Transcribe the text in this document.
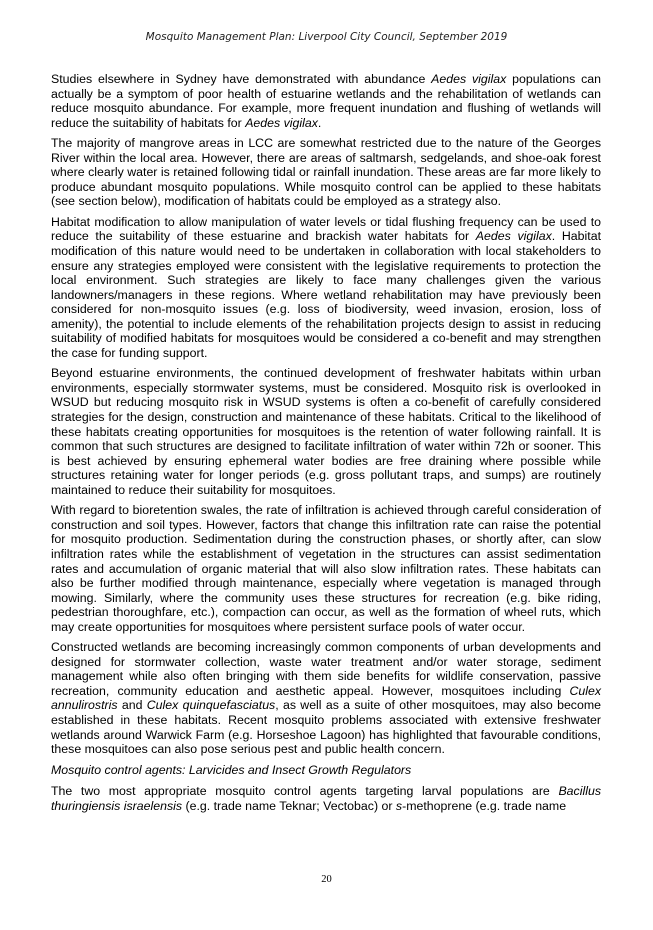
Mosquito Management Plan: Liverpool City Council, September 2019

Studies elsewhere in Sydney have demonstrated with abundance Aedes vigilax populations can actually be a symptom of poor health of estuarine wetlands and the rehabilitation of wetlands can reduce mosquito abundance. For example, more frequent inundation and flushing of wetlands will reduce the suitability of habitats for Aedes vigilax.

The majority of mangrove areas in LCC are somewhat restricted due to the nature of the Georges River within the local area. However, there are areas of saltmarsh, sedgelands, and shoe-oak forest where clearly water is retained following tidal or rainfall inundation. These areas are far more likely to produce abundant mosquito populations. While mosquito control can be applied to these habitats (see section below), modification of habitats could be employed as a strategy also.

Habitat modification to allow manipulation of water levels or tidal flushing frequency can be used to reduce the suitability of these estuarine and brackish water habitats for Aedes vigilax. Habitat modification of this nature would need to be undertaken in collaboration with local stakeholders to ensure any strategies employed were consistent with the legislative requirements to protection the local environment. Such strategies are likely to face many challenges given the various landowners/managers in these regions. Where wetland rehabilitation may have previously been considered for non-mosquito issues (e.g. loss of biodiversity, weed invasion, erosion, loss of amenity), the potential to include elements of the rehabilitation projects design to assist in reducing suitability of modified habitats for mosquitoes would be considered a co-benefit and may strengthen the case for funding support.

Beyond estuarine environments, the continued development of freshwater habitats within urban environments, especially stormwater systems, must be considered. Mosquito risk is overlooked in WSUD but reducing mosquito risk in WSUD systems is often a co-benefit of carefully considered strategies for the design, construction and maintenance of these habitats. Critical to the likelihood of these habitats creating opportunities for mosquitoes is the retention of water following rainfall. It is common that such structures are designed to facilitate infiltration of water within 72h or sooner. This is best achieved by ensuring ephemeral water bodies are free draining where possible while structures retaining water for longer periods (e.g. gross pollutant traps, and sumps) are routinely maintained to reduce their suitability for mosquitoes.

With regard to bioretention swales, the rate of infiltration is achieved through careful consideration of construction and soil types. However, factors that change this infiltration rate can raise the potential for mosquito production. Sedimentation during the construction phases, or shortly after, can slow infiltration rates while the establishment of vegetation in the structures can assist sedimentation rates and accumulation of organic material that will also slow infiltration rates. These habitats can also be further modified through maintenance, especially where vegetation is managed through mowing. Similarly, where the community uses these structures for recreation (e.g. bike riding, pedestrian thoroughfare, etc.), compaction can occur, as well as the formation of wheel ruts, which may create opportunities for mosquitoes where persistent surface pools of water occur.

Constructed wetlands are becoming increasingly common components of urban developments and designed for stormwater collection, waste water treatment and/or water storage, sediment management while also often bringing with them side benefits for wildlife conservation, passive recreation, community education and aesthetic appeal. However, mosquitoes including Culex annulirostris and Culex quinquefasciatus, as well as a suite of other mosquitoes, may also become established in these habitats. Recent mosquito problems associated with extensive freshwater wetlands around Warwick Farm (e.g. Horseshoe Lagoon) has highlighted that favourable conditions, these mosquitoes can also pose serious pest and public health concern.

Mosquito control agents: Larvicides and Insect Growth Regulators

The two most appropriate mosquito control agents targeting larval populations are Bacillus thuringiensis israelensis (e.g. trade name Teknar; Vectobac) or s-methoprene (e.g. trade name

20
